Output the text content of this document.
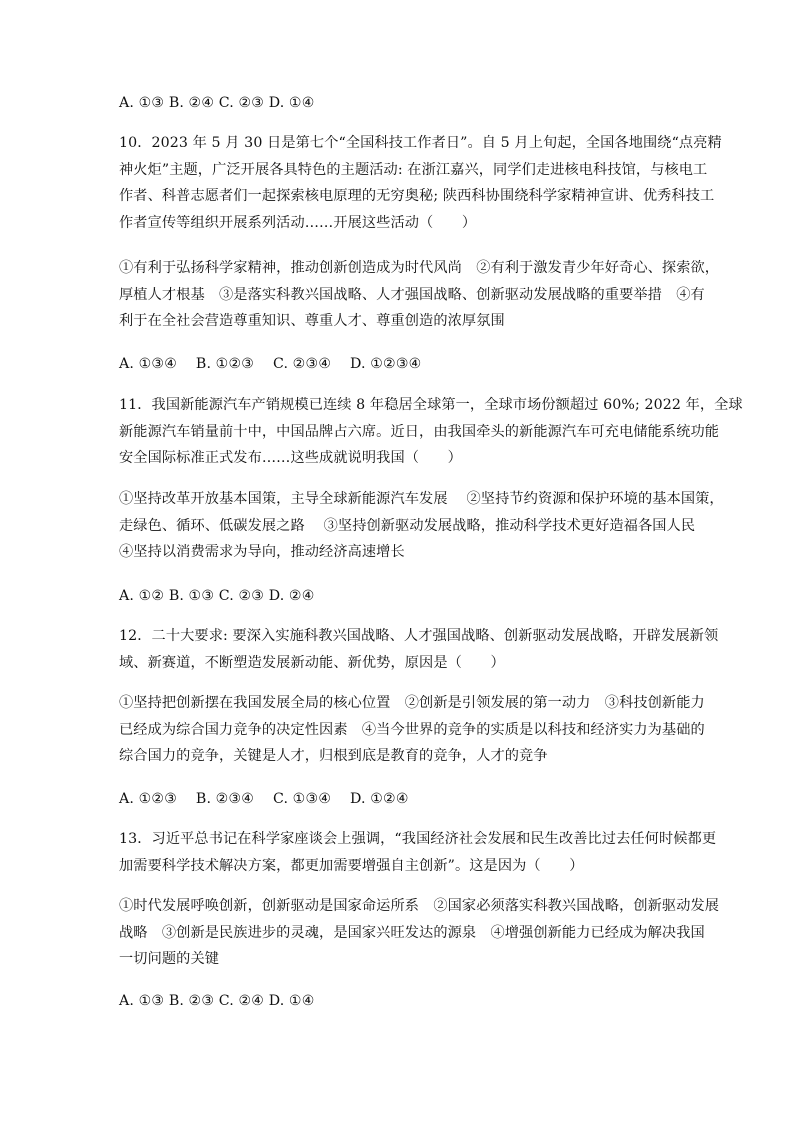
A. ①③ B. ②④ C. ②③ D. ①④
10．2023 年 5 月 30 日是第七个“全国科技工作者日”。自 5 月上旬起，全国各地围绕“点亮精
神火炬”主题，广泛开展各具特色的主题活动: 在浙江嘉兴，同学们走进核电科技馆，与核电工
作者、科普志愿者们一起探索核电原理的无穷奥秘; 陕西科协围绕科学家精神宣讲、优秀科技工
作者宣传等组织开展系列活动……开展这些活动（　　）
①有利于弘扬科学家精神，推动创新创造成为时代风尚　②有利于激发青少年好奇心、探索欲，
厚植人才根基　③是落实科教兴国战略、人才强国战略、创新驱动发展战略的重要举措　④有
利于在全社会营造尊重知识、尊重人才、尊重创造的浓厚氛围
A. ①③④　 B. ①②③　 C. ②③④　 D. ①②③④
11．我国新能源汽车产销规模已连续 8 年稳居全球第一，全球市场份额超过 60%; 2022 年，全球
新能源汽车销量前十中，中国品牌占六席。近日，由我国牵头的新能源汽车可充电储能系统功能
安全国际标准正式发布……这些成就说明我国（　　）
①坚持改革开放基本国策，主导全球新能源汽车发展　 ②坚持节约资源和保护环境的基本国策，
走绿色、循环、低碳发展之路　 ③坚持创新驱动发展战略，推动科学技术更好造福各国人民
④坚持以消费需求为导向，推动经济高速增长
A. ①② B. ①③ C. ②③ D. ②④
12．二十大要求: 要深入实施科教兴国战略、人才强国战略、创新驱动发展战略，开辟发展新领
域、新赛道，不断塑造发展新动能、新优势，原因是（　　）
①坚持把创新摆在我国发展全局的核心位置　②创新是引领发展的第一动力　③科技创新能力
已经成为综合国力竞争的决定性因素　④当今世界的竞争的实质是以科技和经济实力为基础的
综合国力的竞争，关键是人才，归根到底是教育的竞争，人才的竞争
A. ①②③　 B. ②③④　 C. ①③④　 D. ①②④
13．习近平总书记在科学家座谈会上强调，“我国经济社会发展和民生改善比过去任何时候都更
加需要科学技术解决方案，都更加需要增强自主创新”。这是因为（　　）
①时代发展呼唤创新，创新驱动是国家命运所系　②国家必须落实科教兴国战略，创新驱动发展
战略　③创新是民族进步的灵魂，是国家兴旺发达的源泉　④增强创新能力已经成为解决我国
一切问题的关键
A. ①③ B. ②③ C. ②④ D. ①④
